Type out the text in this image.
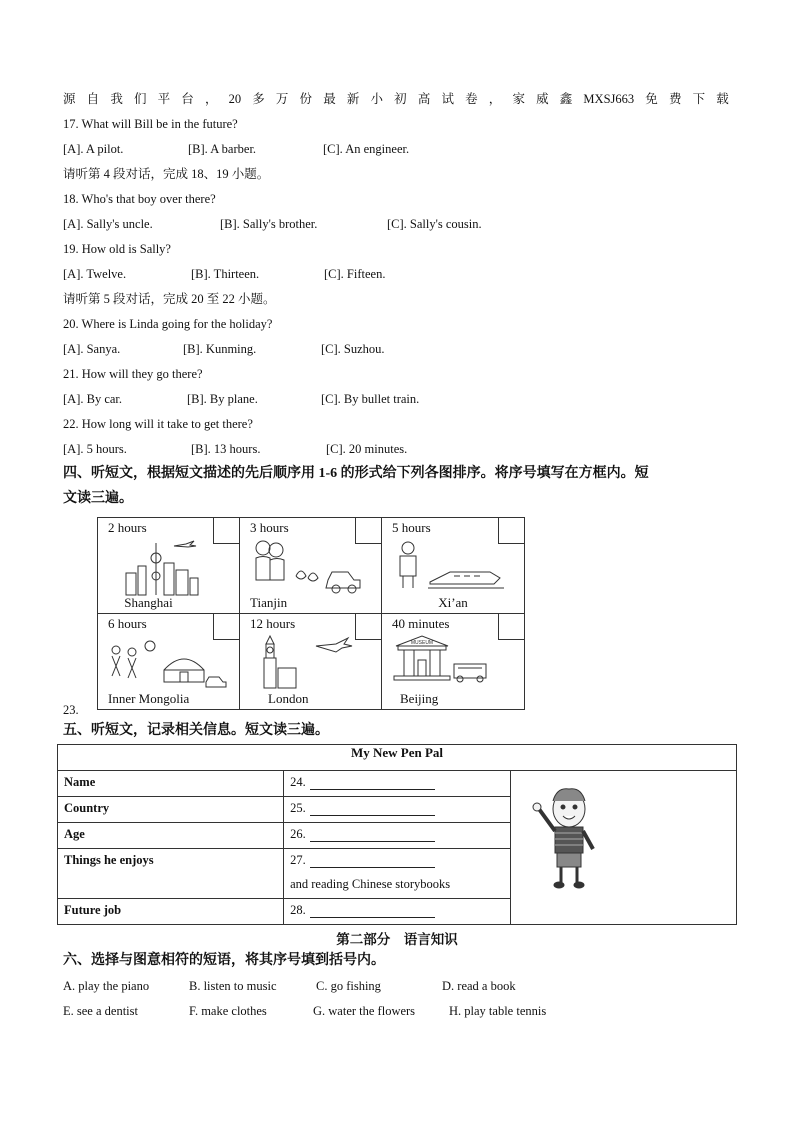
源 自 我 们 平 台 ， 20 多 万 份 最 新 小 初 高 试 卷 ， 家 威 鑫 MXSJ663 免 费 下 载
17. What will Bill be in the future?
[A]. A pilot.	[B]. A barber.	[C]. An engineer.
请听第 4 段对话，完成 18、19 小题。
18. Who's that boy over there?
[A]. Sally's uncle.	[B]. Sally's brother.	[C]. Sally's cousin.
19. How old is Sally?
[A]. Twelve.	[B]. Thirteen.	[C]. Fifteen.
请听第 5 段对话，完成 20 至 22 小题。
20. Where is Linda going for the holiday?
[A]. Sanya.	[B]. Kunming.	[C]. Suzhou.
21. How will they go there?
[A]. By car.	[B]. By plane.	[C]. By bullet train.
22. How long will it take to get there?
[A]. 5 hours.	[B]. 13 hours.	[C]. 20 minutes.
四、听短文，根据短文描述的先后顺序用 1-6 的形式给下列各图排序。将序号填写在方框内。短
文读三遍。
2 hours
Shanghai
3 hours
Tianjin
5 hours
Xi’an
6 hours
Inner Mongolia
12 hours
London
40 minutes
MUSEUM
Beijing
23.
五、听短文，记录相关信息。短文读三遍。
My New Pen Pal		
Name	24.	

Country	25.	
Age	26.	
Things he enjoys	27.
and reading Chinese storybooks	

Future job	28.	
第二部分　语言知识
六、选择与图意相符的短语，将其序号填到括号内。
A. play the piano	B. listen to music	C. go fishing	D. read a book
E. see a dentist	F. make clothes	G. water the flowers	H. play table tennis
